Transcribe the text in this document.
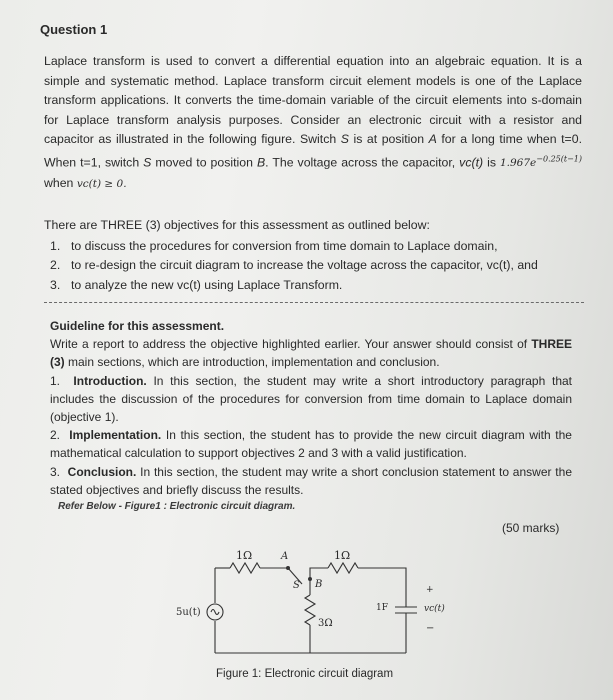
Question 1
Laplace transform is used to convert a differential equation into an algebraic equation. It is a simple and systematic method. Laplace transform circuit element models is one of the Laplace transform applications. It converts the time-domain variable of the circuit elements into s-domain for Laplace transform analysis purposes. Consider an electronic circuit with a resistor and capacitor as illustrated in the following figure. Switch S is at position A for a long time when t=0. When t=1, switch S moved to position B. The voltage across the capacitor, vc(t) is $1.967e^{-0.25(t-1)}$ when vc(t) ≥ 0.
There are THREE (3) objectives for this assessment as outlined below:
1. to discuss the procedures for conversion from time domain to Laplace domain,
2. to re-design the circuit diagram to increase the voltage across the capacitor, vc(t), and
3. to analyze the new vc(t) using Laplace Transform.
Guideline for this assessment.
Write a report to address the objective highlighted earlier. Your answer should consist of THREE (3) main sections, which are introduction, implementation and conclusion.
1. Introduction. In this section, the student may write a short introductory paragraph that includes the discussion of the procedures for conversion from time domain to Laplace domain (objective 1).
2. Implementation. In this section, the student has to provide the new circuit diagram with the mathematical calculation to support objectives 2 and 3 with a valid justification.
3. Conclusion. In this section, the student may write a short conclusion statement to answer the stated objectives and briefly discuss the results.
Refer Below - Figure1 : Electronic circuit diagram.
(50 marks)
1Ω	A	1Ω
S B
5u(t)
3Ω
1F
+
vc(t)
−
Figure 1: Electronic circuit diagram
